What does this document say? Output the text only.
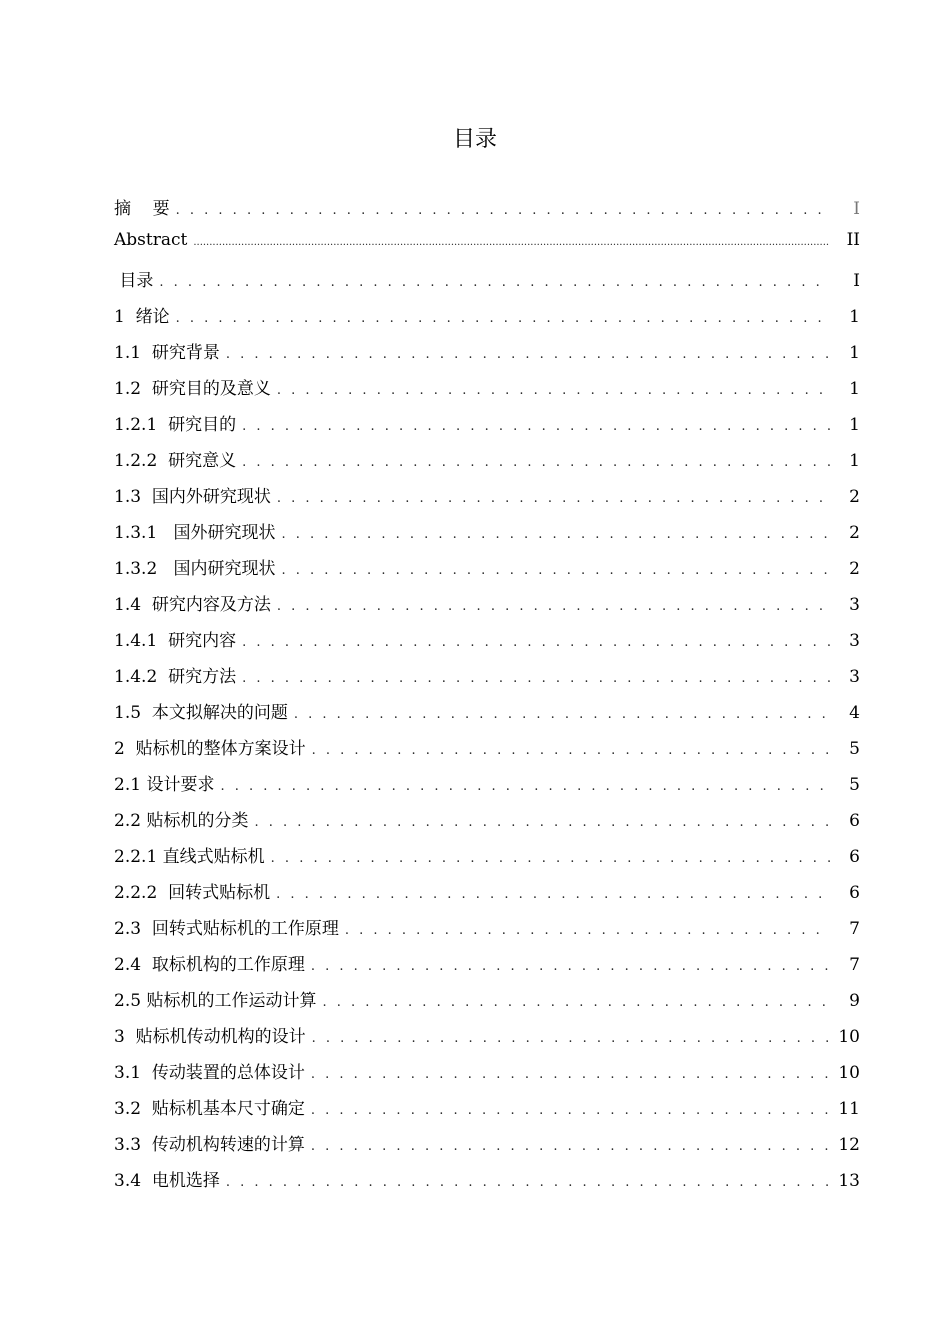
目录
摘    要 . . .	Ⅰ
Abstract .....	II
目录 . . .	I
1  绪论 . . .	1
1.1  研究背景 . . .	1
1.2  研究目的及意义 . . .	1
1.2.1  研究目的 . . .	1
1.2.2  研究意义 . . .	1
1.3  国内外研究现状 . . .	2
1.3.1   国外研究现状 . . .	2
1.3.2   国内研究现状 . . .	2
1.4  研究内容及方法 . . .	3
1.4.1  研究内容 . . .	3
1.4.2  研究方法 . . .	3
1.5  本文拟解决的问题 . . .	4
2  贴标机的整体方案设计 . . .	5
2.1 设计要求 . . .	5
2.2 贴标机的分类 . . .	6
2.2.1 直线式贴标机 . . .	6
2.2.2  回转式贴标机 . . .	6
2.3  回转式贴标机的工作原理 . . .	7
2.4  取标机构的工作原理 . . .	7
2.5 贴标机的工作运动计算 . . .	9
3  贴标机传动机构的设计 . . .	10
3.1  传动装置的总体设计 . . .	10
3.2  贴标机基本尺寸确定 . . .	11
3.3  传动机构转速的计算 . . .	12
3.4  电机选择 . . .	13
